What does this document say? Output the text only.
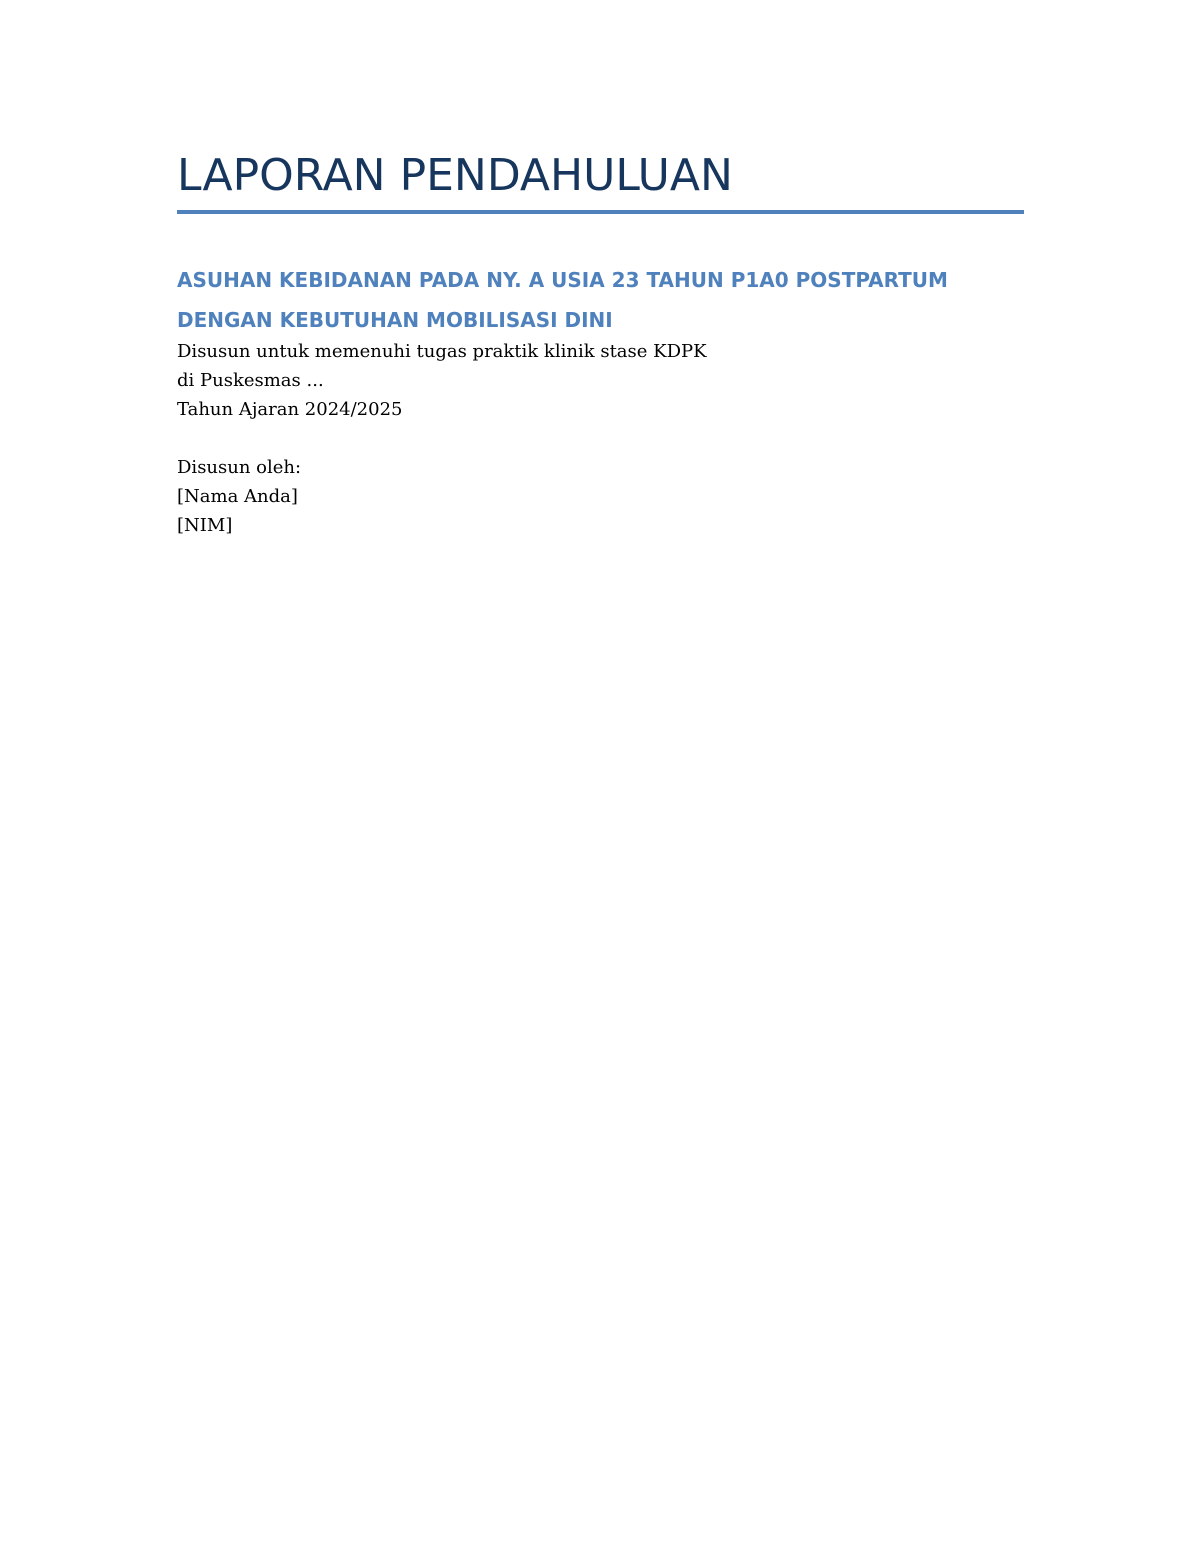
LAPORAN PENDAHULUAN
ASUHAN KEBIDANAN PADA NY. A USIA 23 TAHUN P1A0 POSTPARTUM
DENGAN KEBUTUHAN MOBILISASI DINI
Disusun untuk memenuhi tugas praktik klinik stase KDPK
di Puskesmas ...
Tahun Ajaran 2024/2025
Disusun oleh:
[Nama Anda]
[NIM]
